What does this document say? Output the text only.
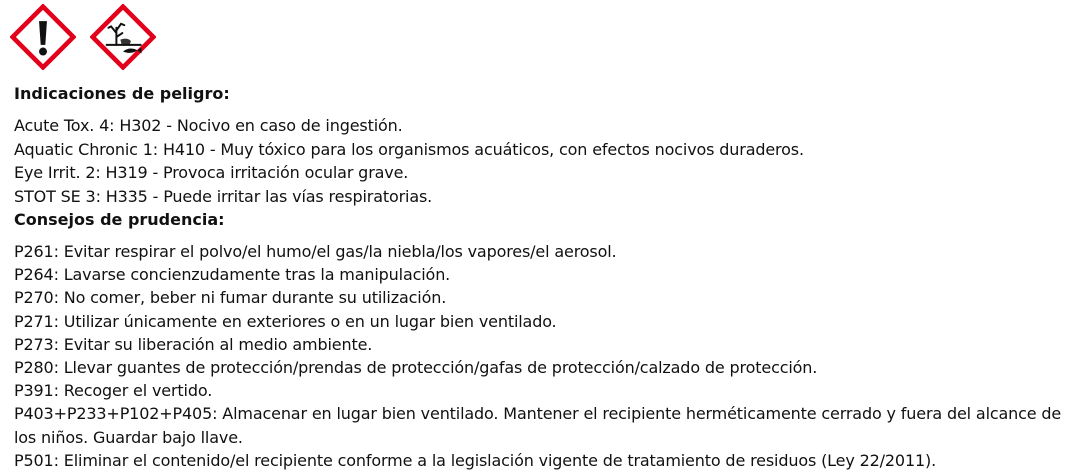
Indicaciones de peligro:
Acute Tox. 4: H302 - Nocivo en caso de ingestión.
Aquatic Chronic 1: H410 - Muy tóxico para los organismos acuáticos, con efectos nocivos duraderos.
Eye Irrit. 2: H319 - Provoca irritación ocular grave.
STOT SE 3: H335 - Puede irritar las vías respiratorias.
Consejos de prudencia:
P261: Evitar respirar el polvo/el humo/el gas/la niebla/los vapores/el aerosol.
P264: Lavarse concienzudamente tras la manipulación.
P270: No comer, beber ni fumar durante su utilización.
P271: Utilizar únicamente en exteriores o en un lugar bien ventilado.
P273: Evitar su liberación al medio ambiente.
P280: Llevar guantes de protección/prendas de protección/gafas de protección/calzado de protección.
P391: Recoger el vertido.
P403+P233+P102+P405: Almacenar en lugar bien ventilado. Mantener el recipiente herméticamente cerrado y fuera del alcance de los niños. Guardar bajo llave.
P501: Eliminar el contenido/el recipiente conforme a la legislación vigente de tratamiento de residuos (Ley 22/2011).
